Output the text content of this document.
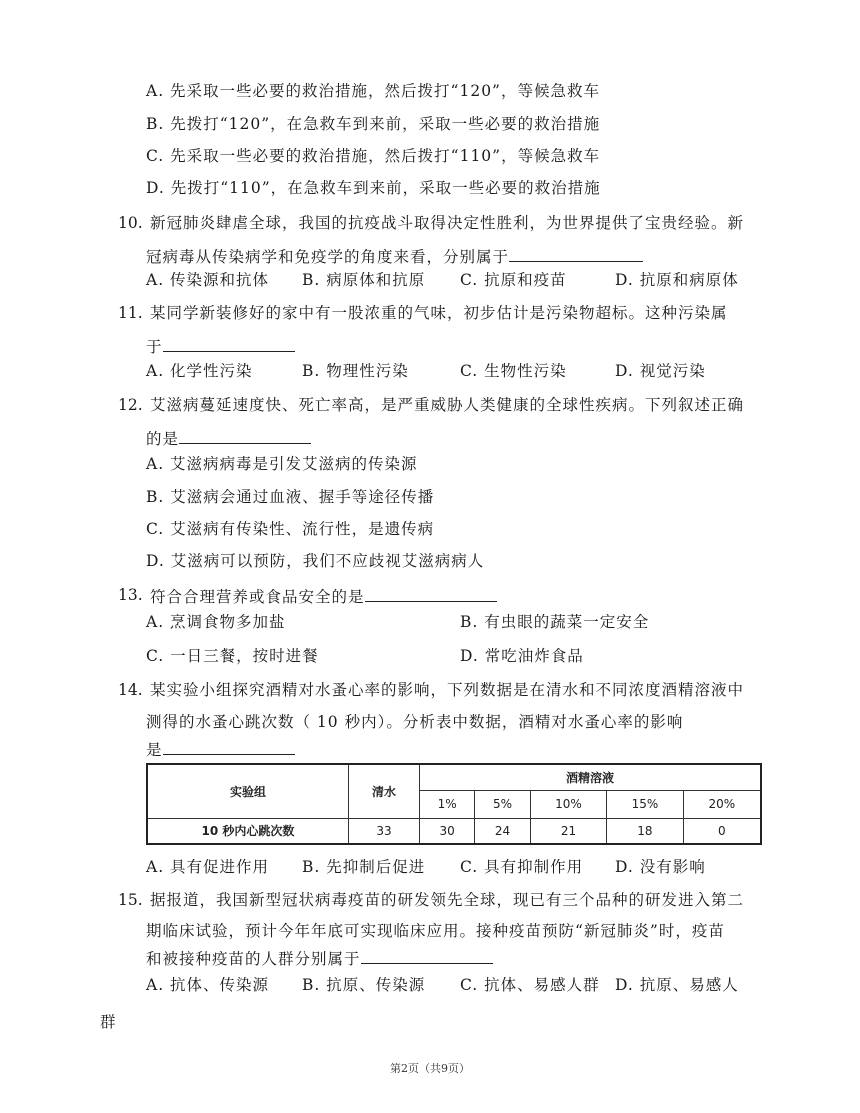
A. 先采取一些必要的救治措施，然后拨打“120”，等候急救车
B. 先拨打“120”，在急救车到来前，采取一些必要的救治措施
C. 先采取一些必要的救治措施，然后拨打“110”，等候急救车
D. 先拨打“110”，在急救车到来前，采取一些必要的救治措施
10. 新冠肺炎肆虐全球，我国的抗疫战斗取得决定性胜利，为世界提供了宝贵经验。新
冠病毒从传染病学和免疫学的角度来看，分别属于
A. 传染源和抗体 B. 病原体和抗原 C. 抗原和疫苗	D. 抗原和病原体
11. 某同学新装修好的家中有一股浓重的气味，初步估计是污染物超标。这种污染属
于
A. 化学性污染	B. 物理性污染	C. 生物性污染	D. 视觉污染
12. 艾滋病蔓延速度快、死亡率高，是严重威胁人类健康的全球性疾病。下列叙述正确
的是
A. 艾滋病病毒是引发艾滋病的传染源
B. 艾滋病会通过血液、握手等途径传播
C. 艾滋病有传染性、流行性，是遗传病
D. 艾滋病可以预防，我们不应歧视艾滋病病人
13. 符合合理营养或食品安全的是
A. 烹调食物多加盐	B. 有虫眼的蔬菜一定安全
C. 一日三餐，按时进餐	D. 常吃油炸食品
14. 某实验小组探究酒精对水蚤心率的影响，下列数据是在清水和不同浓度酒精溶液中
测得的水蚤心跳次数（ 10 秒内）。分析表中数据，酒精对水蚤心率的影响
是
实验组	清水	酒精溶液				
		1%	5%	10%	15%	20%
10 秒内心跳次数	33	30	24	21	18	0
A. 具有促进作用 B. 先抑制后促进 C. 具有抑制作用 D. 没有影响
15. 据报道，我国新型冠状病毒疫苗的研发领先全球，现已有三个品种的研发进入第二
期临床试验，预计今年年底可实现临床应用。接种疫苗预防“新冠肺炎”时，疫苗
和被接种疫苗的人群分别属于
A. 抗体、传染源 B. 抗原、传染源 C. 抗体、易感人群 D. 抗原、易感人
群
第2页（共9页）
